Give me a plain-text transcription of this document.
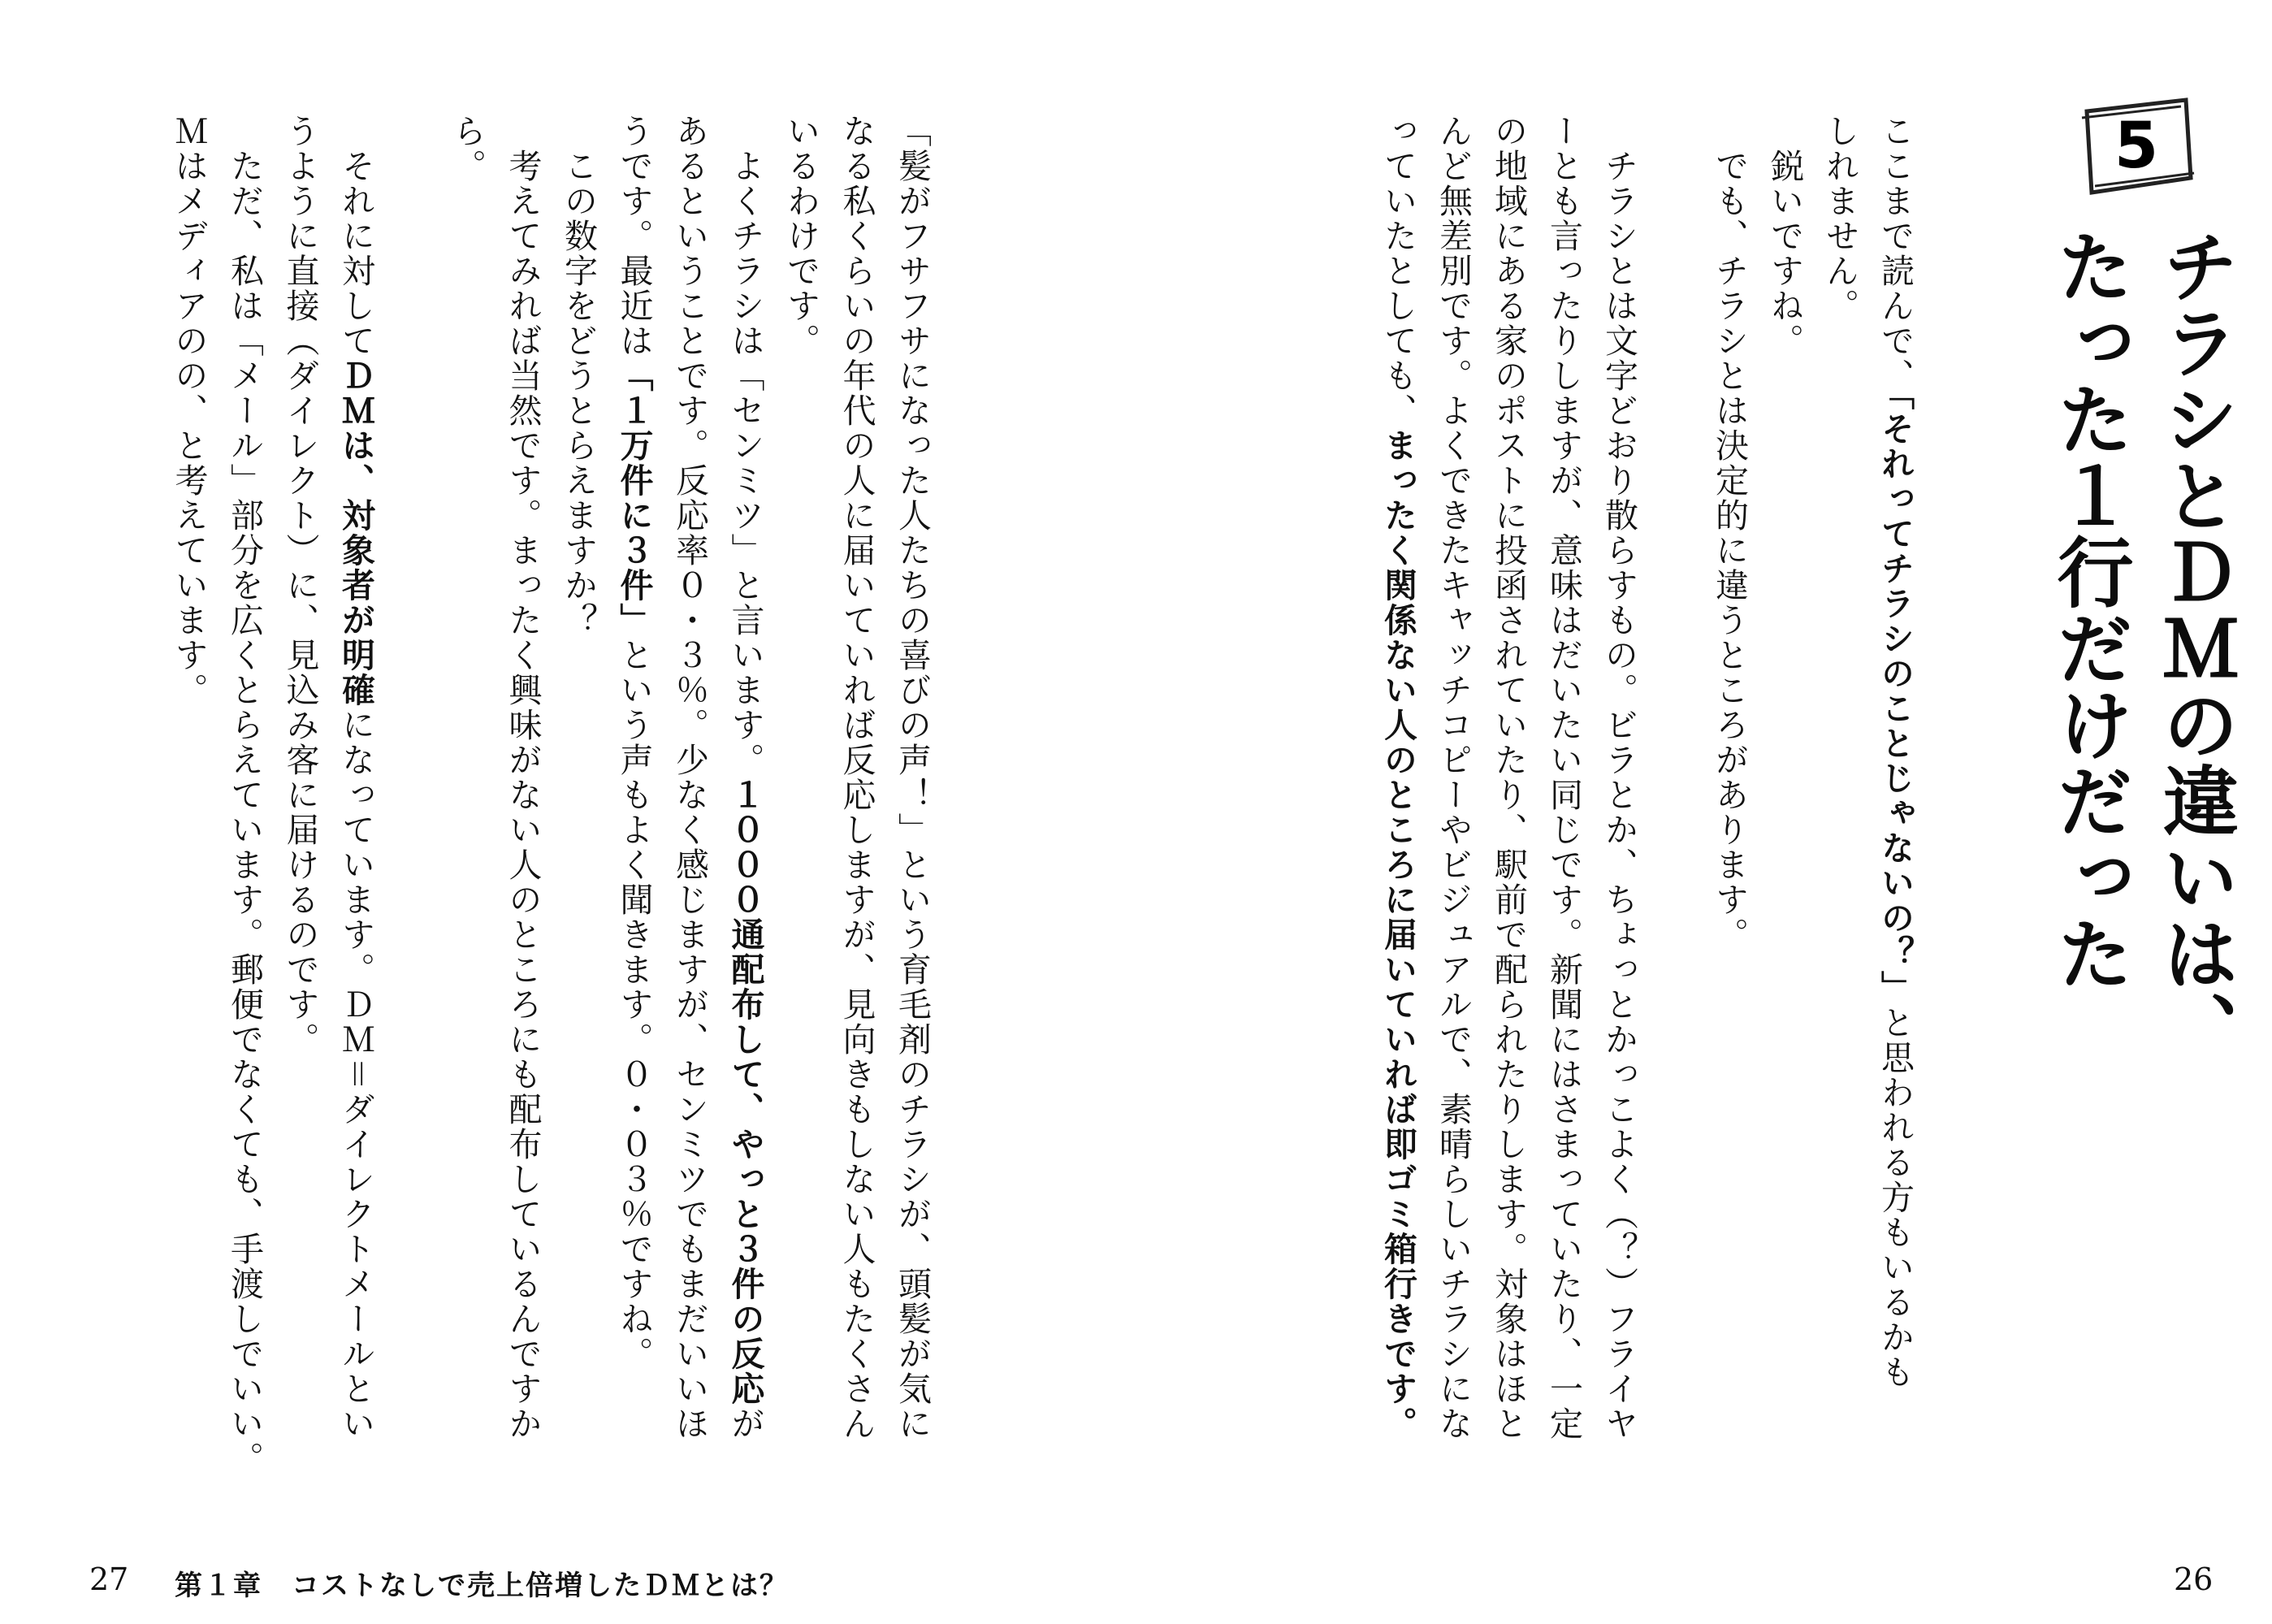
5
チラシとＤＭの違いは、
たった１行だけだった
ここまで読んで、「それってチラシのことじゃないの？」と思われる方もいるかも
しれません。
　鋭いですね。
　でも、チラシとは決定的に違うところがあります。
　チラシとは文字どおり散らすもの。ビラとか、ちょっとかっこよく（？）フライヤ
ーとも言ったりしますが、意味はだいたい同じです。新聞にはさまっていたり、一定
の地域にある家のポストに投函されていたり、駅前で配られたりします。対象はほと
んど無差別です。よくできたキャッチコピーやビジュアルで、素晴らしいチラシにな
っていたとしても、まったく関係ない人のところに届いていれば即ゴミ箱行きです。
「髪がフサフサになった人たちの喜びの声！」という育毛剤のチラシが、頭髪が気に
なる私くらいの年代の人に届いていれば反応しますが、見向きもしない人もたくさん
いるわけです。
　よくチラシは「センミツ」と言います。１０００通配布して、やっと３件の反応が
あるということです。反応率０・３％。少なく感じますが、センミツでもまだいいほ
うです。最近は「１万件に３件」という声もよく聞きます。０・０３％ですね。
　この数字をどうとらえますか？
　考えてみれば当然です。まったく興味がない人のところにも配布しているんですか
ら。
　それに対してＤＭは、対象者が明確になっています。ＤＭ＝ダイレクトメールとい
うように直接（ダイレクト）に、見込み客に届けるのです。
　ただ、私は「メール」部分を広くとらえています。郵便でなくても、手渡しでいい。
Ｍはメディアのの、と考えています。
26
27 第１章　コストなしで売上倍増したＤＭとは？
